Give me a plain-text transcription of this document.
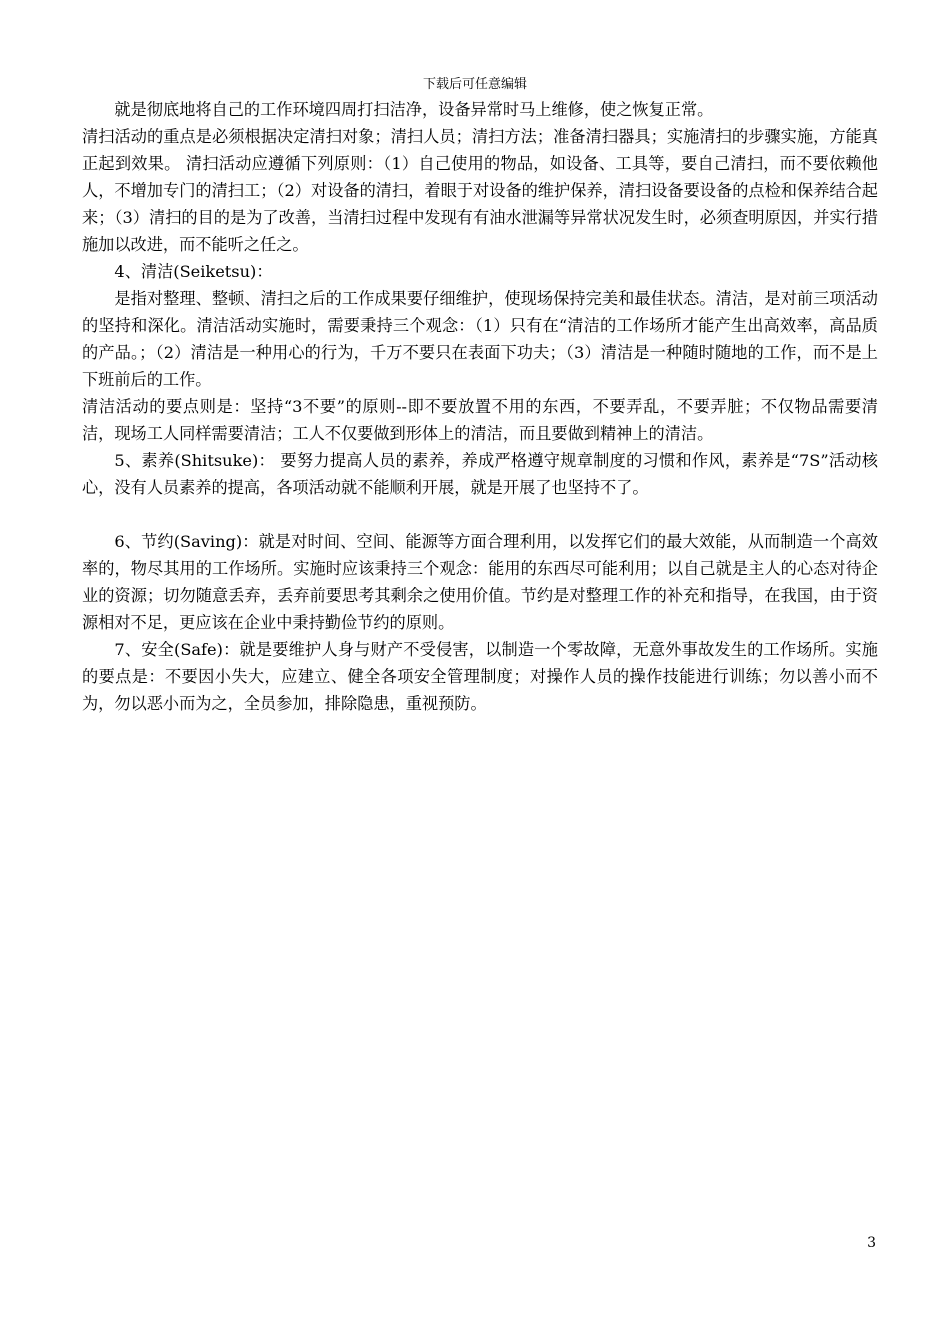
下载后可任意编辑

就是彻底地将自己的工作环境四周打扫洁净，设备异常时马上维修，使之恢复正常。

清扫活动的重点是必须根据决定清扫对象；清扫人员；清扫方法；准备清扫器具；实施清扫的步骤实施，方能真正起到效果。 清扫活动应遵循下列原则：（1）自己使用的物品，如设备、工具等，要自己清扫，而不要依赖他人，不增加专门的清扫工；（2）对设备的清扫，着眼于对设备的维护保养，清扫设备要设备的点检和保养结合起来；（3）清扫的目的是为了改善，当清扫过程中发现有有油水泄漏等异常状况发生时，必须查明原因，并实行措施加以改进，而不能听之任之。

4、清洁(Seiketsu)：

是指对整理、整顿、清扫之后的工作成果要仔细维护，使现场保持完美和最佳状态。清洁，是对前三项活动的坚持和深化。清洁活动实施时，需要秉持三个观念：（1）只有在“清洁的工作场所才能产生出高效率，高品质的产品。；（2）清洁是一种用心的行为，千万不要只在表面下功夫；（3）清洁是一种随时随地的工作，而不是上下班前后的工作。

清洁活动的要点则是：坚持“3不要”的原则--即不要放置不用的东西，不要弄乱，不要弄脏；不仅物品需要清洁，现场工人同样需要清洁；工人不仅要做到形体上的清洁，而且要做到精神上的清洁。

5、素养(Shitsuke)： 要努力提高人员的素养，养成严格遵守规章制度的习惯和作风，素养是“7S”活动核心，没有人员素养的提高，各项活动就不能顺利开展，就是开展了也坚持不了。

6、节约(Saving)：就是对时间、空间、能源等方面合理利用，以发挥它们的最大效能，从而制造一个高效率的，物尽其用的工作场所。实施时应该秉持三个观念：能用的东西尽可能利用；以自己就是主人的心态对待企业的资源；切勿随意丢弃，丢弃前要思考其剩余之使用价值。节约是对整理工作的补充和指导，在我国，由于资源相对不足，更应该在企业中秉持勤俭节约的原则。

7、安全(Safe)：就是要维护人身与财产不受侵害，以制造一个零故障，无意外事故发生的工作场所。实施的要点是：不要因小失大，应建立、健全各项安全管理制度；对操作人员的操作技能进行训练；勿以善小而不为，勿以恶小而为之，全员参加，排除隐患，重视预防。

3
